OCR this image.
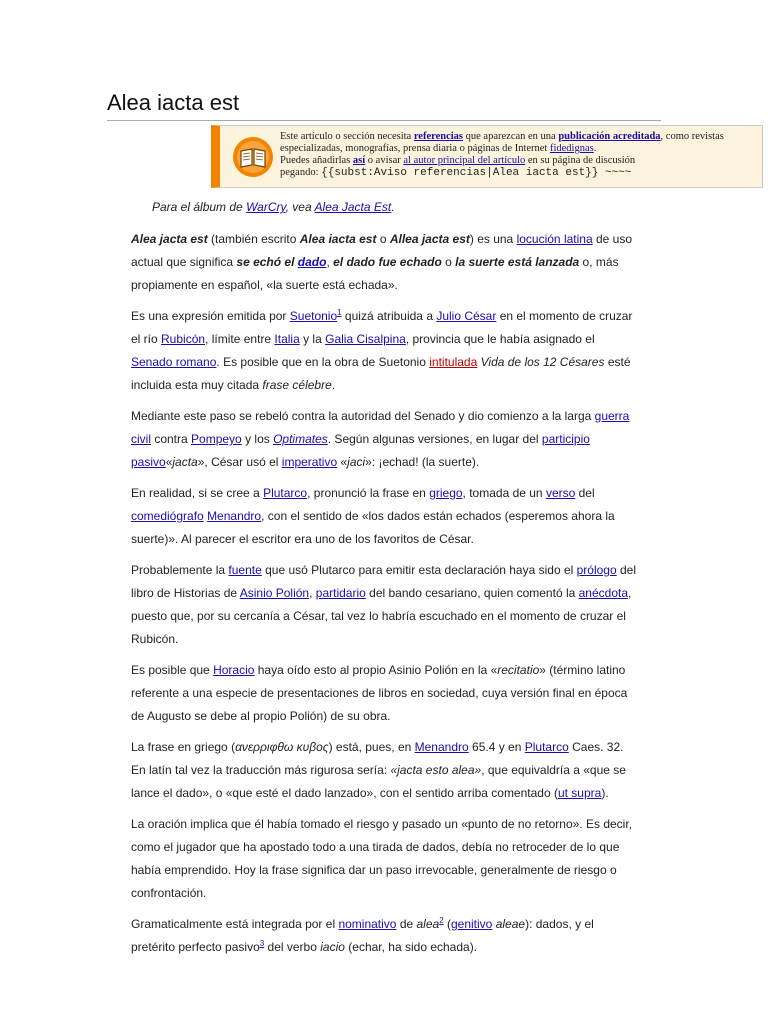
Alea iacta est
Este artículo o sección necesita referencias que aparezcan en una publicación acreditada, como revistas
especializadas, monografías, prensa diaria o páginas de Internet fidedignas.
Puedes añadirlas así o avisar al autor principal del artículo en su página de discusión
pegando: {{subst:Aviso referencias|Alea iacta est}} ~~~~

Para el álbum de WarCry, vea Alea Jacta Est.

Alea jacta est (también escrito Alea iacta est o Allea jacta est) es una locución latina de uso actual que significa se echó el dado, el dado fue echado o la suerte está lanzada o, más propiamente en español, «la suerte está echada».

Es una expresión emitida por Suetonio$^1$ quizá atribuida a Julio César en el momento de cruzar el río Rubicón, límite entre Italia y la Galia Cisalpina, provincia que le había asignado el Senado romano. Es posible que en la obra de Suetonio intitulada Vida de los 12 Césares esté incluida esta muy citada frase célebre.

Mediante este paso se rebeló contra la autoridad del Senado y dio comienzo a la larga guerra civil contra Pompeyo y los Optimates. Según algunas versiones, en lugar del participio pasivo«jacta», César usó el imperativo «jaci»: ¡echad! (la suerte).

En realidad, si se cree a Plutarco, pronunció la frase en griego, tomada de un verso del comediógrafo Menandro, con el sentido de «los dados están echados (esperemos ahora la suerte)». Al parecer el escritor era uno de los favoritos de César.

Probablemente la fuente que usó Plutarco para emitir esta declaración haya sido el prólogo del libro de Historias de Asinio Polión, partidario del bando cesariano, quien comentó la anécdota, puesto que, por su cercanía a César, tal vez lo habría escuchado en el momento de cruzar el Rubicón.

Es posible que Horacio haya oído esto al propio Asinio Polión en la «recitatio» (término latino referente a una especie de presentaciones de libros en sociedad, cuya versión final en época de Augusto se debe al propio Polión) de su obra.

La frase en griego (ανερριφθω κυβος) está, pues, en Menandro 65.4 y en Plutarco Caes. 32. En latín tal vez la traducción más rigurosa sería: «jacta esto alea», que equivaldría a «que se lance el dado», o «que esté el dado lanzado», con el sentido arriba comentado (ut supra).

La oración implica que él había tomado el riesgo y pasado un «punto de no retorno». Es decir, como el jugador que ha apostado todo a una tirada de dados, debía no retroceder de lo que había emprendido. Hoy la frase significa dar un paso irrevocable, generalmente de riesgo o confrontación.

Gramaticalmente está integrada por el nominativo de alea$^2$ (genitivo aleae): dados, y el pretérito perfecto pasivo$^3$ del verbo iacio (echar, ha sido echada).
